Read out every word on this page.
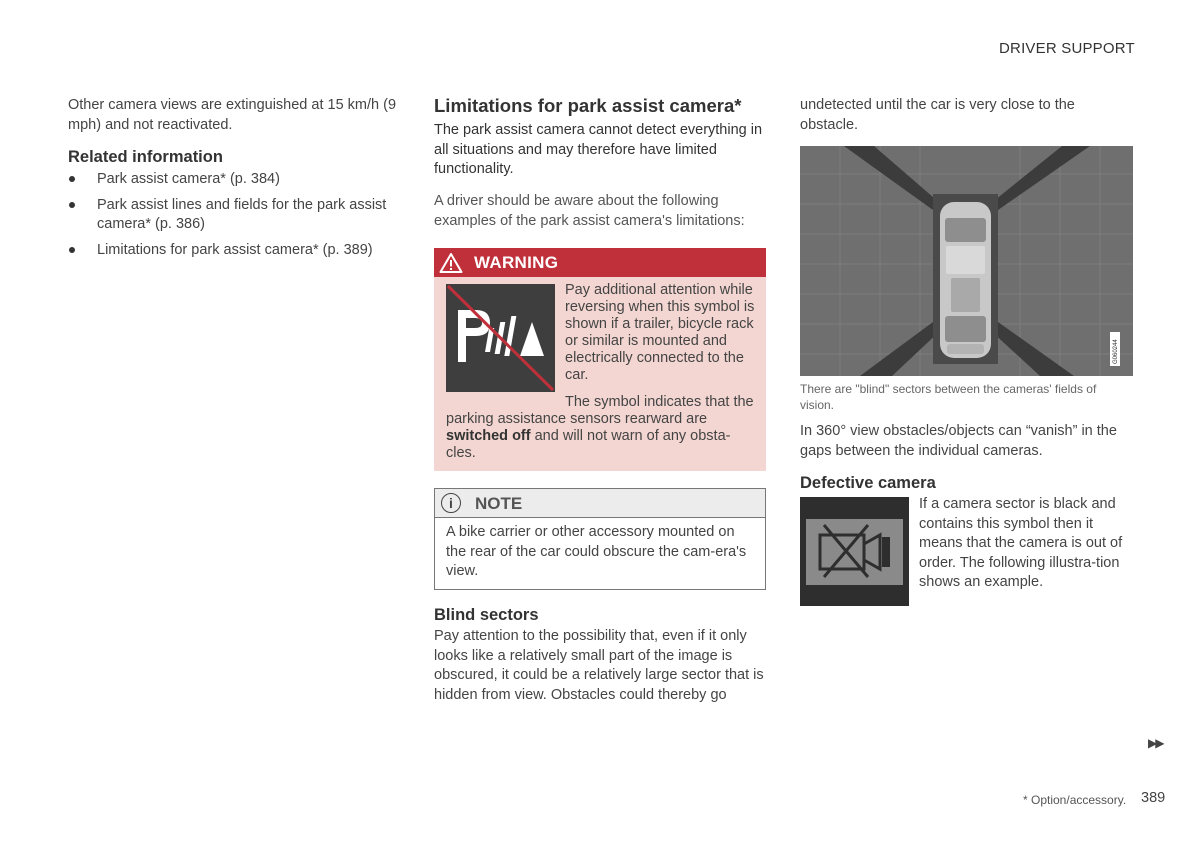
DRIVER SUPPORT
Other camera views are extinguished at 15 km/h (9 mph) and not reactivated.
Related information
Park assist camera* (p. 384)
Park assist lines and fields for the park assist camera* (p. 386)
Limitations for park assist camera* (p. 389)
Limitations for park assist camera*
The park assist camera cannot detect everything in all situations and may therefore have limited functionality.
A driver should be aware about the following examples of the park assist camera's limitations:
WARNING
Pay additional attention while reversing when this symbol is shown if a trailer, bicycle rack or similar is mounted and electrically connected to the car.
The symbol indicates that the parking assistance sensors rearward are switched off and will not warn of any obsta-cles.
i	NOTE
A bike carrier or other accessory mounted on the rear of the car could obscure the cam-era's view.
Blind sectors
Pay attention to the possibility that, even if it only looks like a relatively small part of the image is obscured, it could be a relatively large sector that is hidden from view. Obstacles could thereby go
undetected until the car is very close to the obstacle.
G060244
There are "blind" sectors between the cameras' fields of vision.
In 360° view obstacles/objects can “vanish” in the gaps between the individual cameras.
Defective camera
If a camera sector is black and contains this symbol then it means that the camera is out of order. The following illustra-tion shows an example.
▶▶
* Option/accessory. 389
